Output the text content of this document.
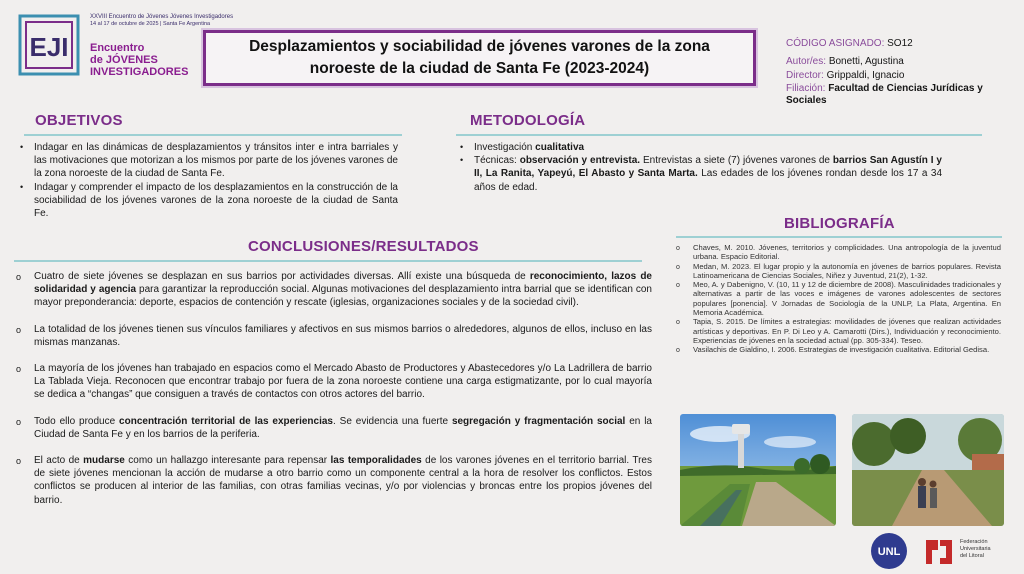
EJI
XXVIII Encuentro de Jóvenes Jóvenes Investigadores
14 al 17 de octubre de 2025 | Santa Fe Argentina
Encuentro
de JÓVENES
INVESTIGADORES
Desplazamientos y sociabilidad de jóvenes varones de la zona noroeste de la ciudad de Santa Fe (2023-2024)
CÓDIGO ASIGNADO: SO12
Autor/es: Bonetti, Agustina
Director: Grippaldi, Ignacio
Filiación: Facultad de Ciencias Jurídicas y Sociales
OBJETIVOS
• Indagar en las dinámicas de desplazamientos y tránsitos inter e intra barriales y las motivaciones que motorizan a los mismos por parte de los jóvenes varones de la zona noroeste de la ciudad de Santa Fe.
• Indagar y comprender el impacto de los desplazamientos en la construcción de la sociabilidad de los jóvenes varones de la zona noroeste de la ciudad de Santa Fe.
METODOLOGÍA
• Investigación cualitativa
• Técnicas: observación y entrevista. Entrevistas a siete (7) jóvenes varones de barrios San Agustín I y II, La Ranita, Yapeyú, El Abasto y Santa Marta. Las edades de los jóvenes rondan desde los 17 a 34 años de edad.
CONCLUSIONES/RESULTADOS
o Cuatro de siete jóvenes se desplazan en sus barrios por actividades diversas. Allí existe una búsqueda de reconocimiento, lazos de solidaridad y agencia para garantizar la reproducción social. Algunas motivaciones del desplazamiento intra barrial que se identifican con mayor preponderancia: deporte, espacios de contención y rescate (iglesias, organizaciones sociales y de la sociedad civil).
o La totalidad de los jóvenes tienen sus vínculos familiares y afectivos en sus mismos barrios o alrededores, algunos de ellos, incluso en las mismas manzanas.
o La mayoría de los jóvenes han trabajado en espacios como el Mercado Abasto de Productores y Abastecedores y/o La Ladrillera de barrio La Tablada Vieja. Reconocen que encontrar trabajo por fuera de la zona noroeste contiene una carga estigmatizante, por lo cual mayoría se dedica a “changas” que consiguen a través de contactos con otros actores del barrio.
o Todo ello produce concentración territorial de las experiencias. Se evidencia una fuerte segregación y fragmentación social en la Ciudad de Santa Fe y en los barrios de la periferia.
o El acto de mudarse como un hallazgo interesante para repensar las temporalidades de los varones jóvenes en el territorio barrial. Tres de siete jóvenes mencionan la acción de mudarse a otro barrio como un componente central a la hora de resolver los conflictos. Estos conflictos se producen al interior de las familias, con otras familias vecinas, y/o por violencias y broncas entre los propios jóvenes del barrio.
BIBLIOGRAFÍA
o Chaves, M. 2010. Jóvenes, territorios y complicidades. Una antropología de la juventud urbana. Espacio Editorial.
o Medan, M. 2023. El lugar propio y la autonomía en jóvenes de barrios populares. Revista Latinoamericana de Ciencias Sociales, Niñez y Juventud, 21(2), 1-32.
o Meo, A. y Dabenigno, V. (10, 11 y 12 de diciembre de 2008). Masculinidades tradicionales y alternativas a partir de las voces e imágenes de varones adolescentes de sectores populares [ponencia]. V Jornadas de Sociología de la UNLP, La Plata, Argentina. En Memoria Académica.
o Tapia, S. 2015. De límites a estrategias: movilidades de jóvenes que realizan actividades artísticas y deportivas. En P. Di Leo y A. Camarotti (Dirs.), Individuación y reconocimiento. Experiencias de jóvenes en la sociedad actual (pp. 305-334). Teseo.
o Vasilachis de Gialdino, I. 2006. Estrategias de investigación cualitativa. Editorial Gedisa.
UNL
Federación
Universitaria
del Litoral
